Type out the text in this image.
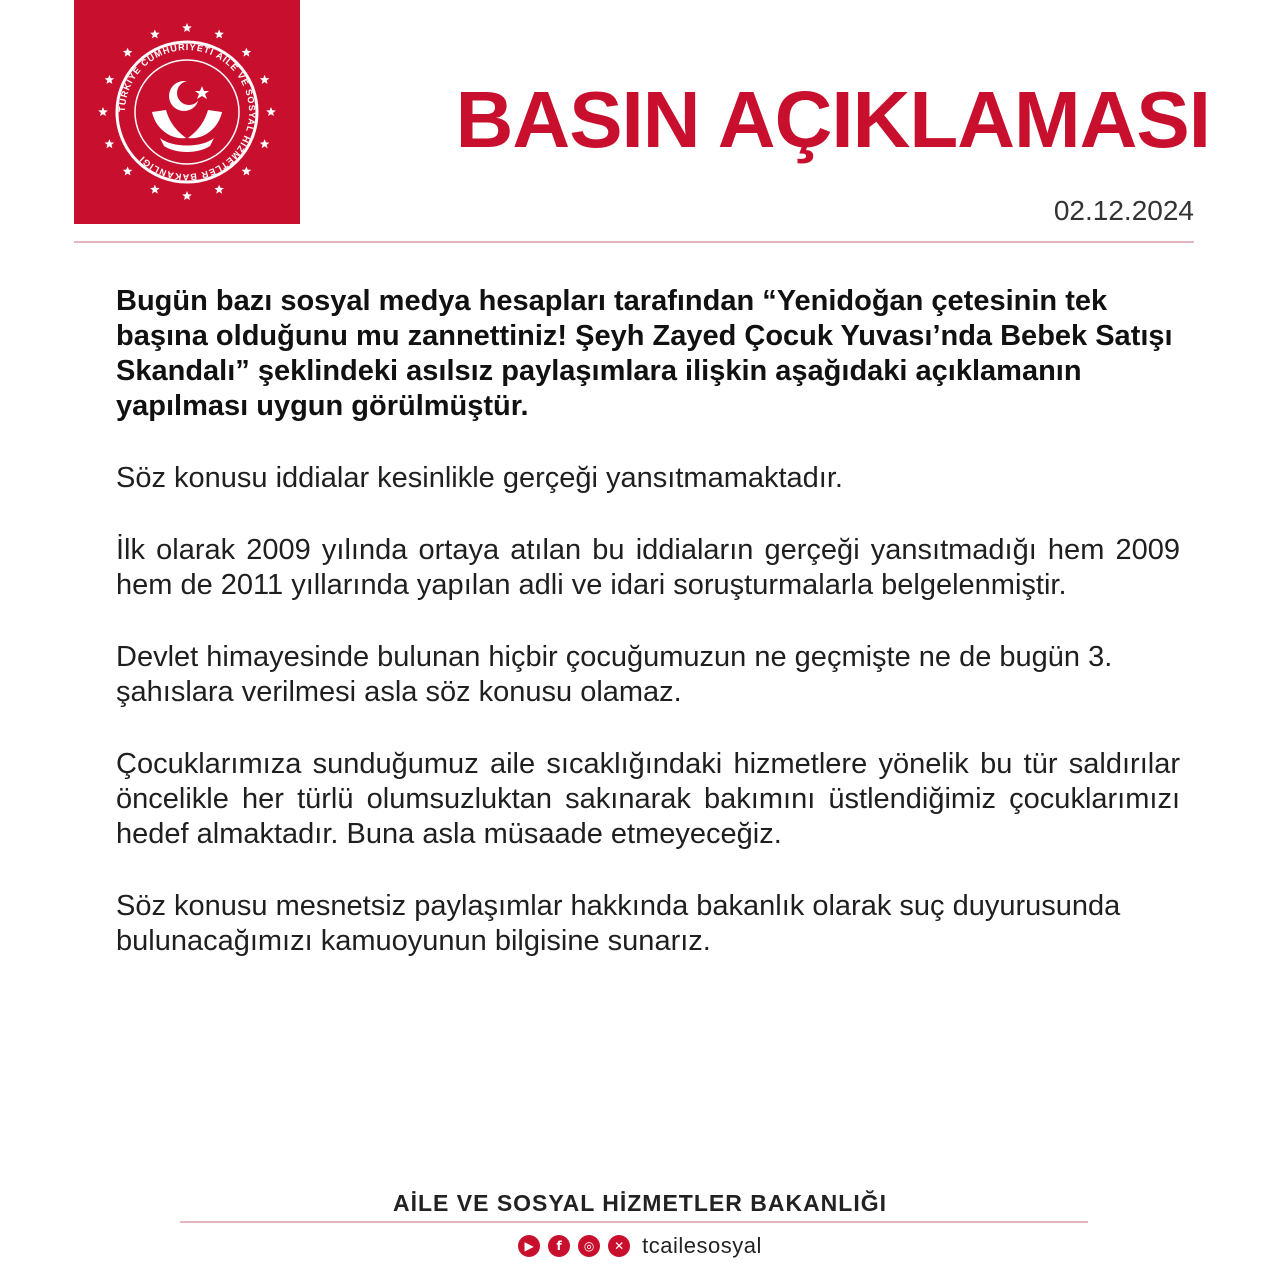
TÜRKİYE CUMHURİYETİ AİLE VE SOSYAL HİZMETLER BAKANLIĞI	BASIN AÇIKLAMASI
02.12.2024

Bugün bazı sosyal medya hesapları tarafından “Yenidoğan çetesinin tek başına olduğunu mu zannettiniz! Şeyh Zayed Çocuk Yuvası’nda Bebek Satışı Skandalı” şeklindeki asılsız paylaşımlara ilişkin aşağıdaki açıklamanın yapılması uygun görülmüştür.

Söz konusu iddialar kesinlikle gerçeği yansıtmamaktadır.

İlk olarak 2009 yılında ortaya atılan bu iddiaların gerçeği yansıtmadığı hem 2009 hem de 2011 yıllarında yapılan adli ve idari soruşturmalarla belgelenmiştir.

Devlet himayesinde bulunan hiçbir çocuğumuzun ne geçmişte ne de bugün 3. şahıslara verilmesi asla söz konusu olamaz.

Çocuklarımıza sunduğumuz aile sıcaklığındaki hizmetlere yönelik bu tür saldırılar öncelikle her türlü olumsuzluktan sakınarak bakımını üstlendiğimiz çocuklarımızı hedef almaktadır. Buna asla müsaade etmeyeceğiz.

Söz konusu mesnetsiz paylaşımlar hakkında bakanlık olarak suç duyurusunda bulunacağımızı kamuoyunun bilgisine sunarız.

AİLE VE SOSYAL HİZMETLER BAKANLIĞI
▶	f	◎	✕ tcailesosyal
